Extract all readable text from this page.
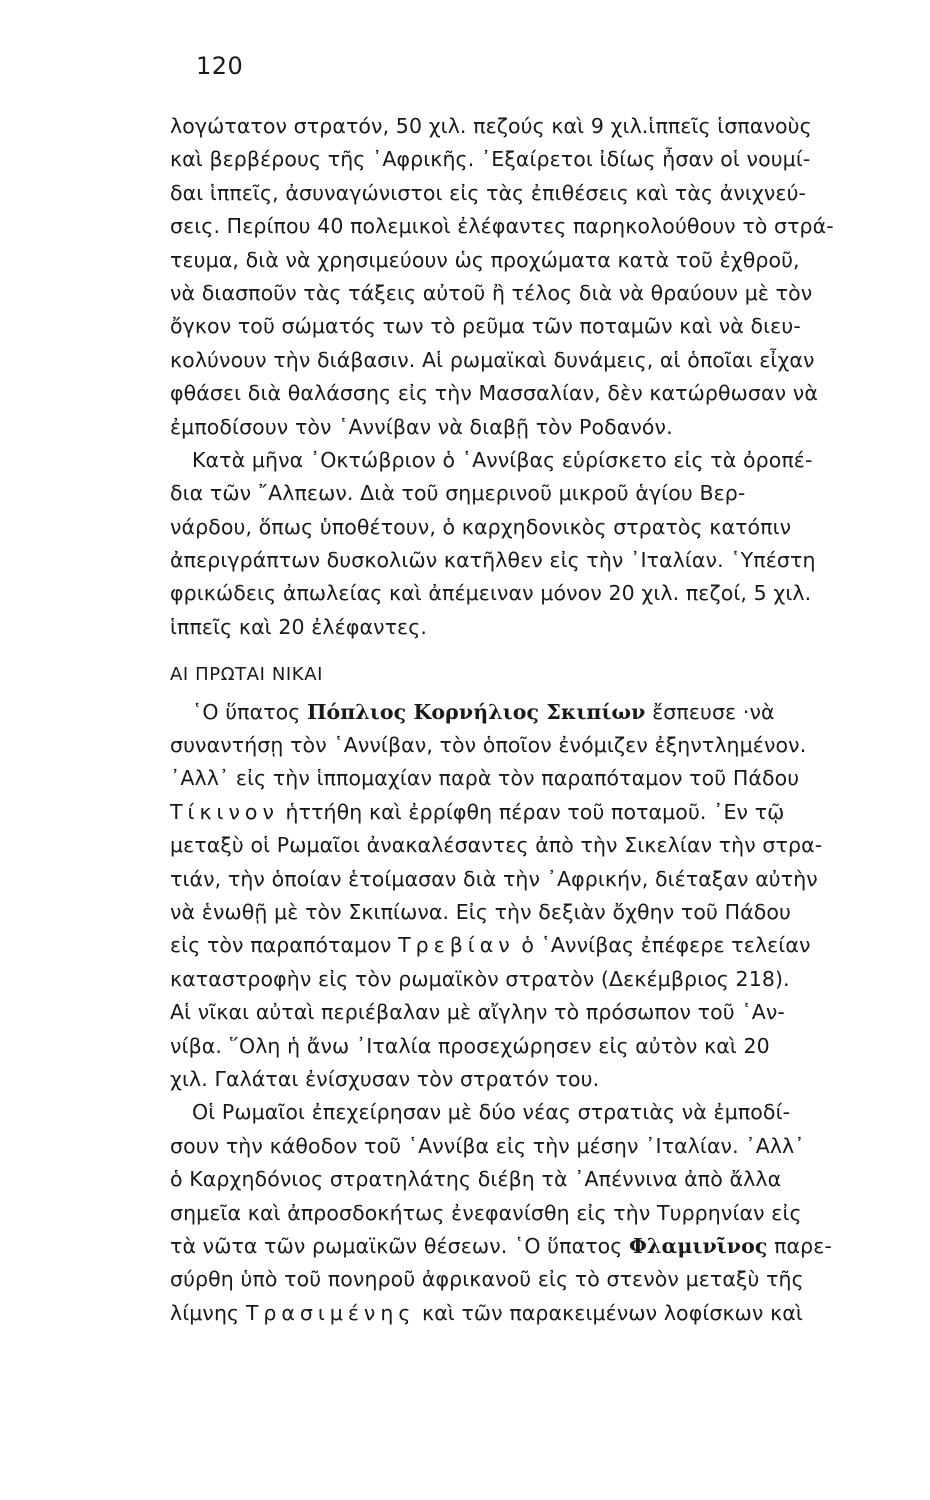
120
λογώτατον στρατόν, 50 χιλ. πεζούς καὶ 9 χιλ.ἱππεῖς ἱσπανοὺς
καὶ βερβέρους τῆς ᾿Αφρικῆς. ᾿Εξαίρετοι ἰδίως ἦσαν οἱ νουμί-
δαι ἱππεῖς, ἀσυναγώνιστοι εἰς τὰς ἐπιθέσεις καὶ τὰς ἀνιχνεύ-
σεις. Περίπου 40 πολεμικοὶ ἐλέφαντες παρηκολούθουν τὸ στρά-
τευμα, διὰ νὰ χρησιμεύουν ὡς προχώματα κατὰ τοῦ ἐχθροῦ,
νὰ διασποῦν τὰς τάξεις αὐτοῦ ἢ τέλος διὰ νὰ θραύουν μὲ τὸν
ὄγκον τοῦ σώματός των τὸ ρεῦμα τῶν ποταμῶν καὶ νὰ διευ-
κολύνουν τὴν διάβασιν. Αἱ ρωμαϊκαὶ δυνάμεις, αἱ ὁποῖαι εἶχαν
φθάσει διὰ θαλάσσης εἰς τὴν Μασσαλίαν, δὲν κατώρθωσαν νὰ
ἐμποδίσουν τὸν ῾Αννίβαν νὰ διαβῇ τὸν Ροδανόν.
Κατὰ μῆνα ᾿Οκτώβριον ὁ ῾Αννίβας εὑρίσκετο εἰς τὰ ὀροπέ-
δια τῶν ῎Αλπεων. Διὰ τοῦ σημερινοῦ μικροῦ ἁγίου Βερ-
νάρδου, ὅπως ὑποθέτουν, ὁ καρχηδονικὸς στρατὸς κατόπιν
ἀπεριγράπτων δυσκολιῶν κατῆλθεν εἰς τὴν ᾿Ιταλίαν. ῾Υπέστη
φρικώδεις ἀπωλείας καὶ ἀπέμειναν μόνον 20 χιλ. πεζοί, 5 χιλ.
ἱππεῖς καὶ 20 ἐλέφαντες.
ΑΙ ΠΡΩΤΑΙ ΝΙΚΑΙ
῾Ο ὕπατος Πόπλιος Κορνήλιος Σκιπίων ἔσπευσε ·νὰ
συναντήσῃ τὸν ῾Αννίβαν, τὸν ὁποῖον ἐνόμιζεν ἐξηντλημένον.
᾿Αλλ᾿ εἰς τὴν ἱππομαχίαν παρὰ τὸν παραπόταμον τοῦ Πάδου
Τίκινον ἡττήθη καὶ ἐρρίφθη πέραν τοῦ ποταμοῦ. ᾿Εν τῷ
μεταξὺ οἱ Ρωμαῖοι ἀνακαλέσαντες ἀπὸ τὴν Σικελίαν τὴν στρα-
τιάν, τὴν ὁποίαν ἑτοίμασαν διὰ τὴν ᾿Αφρικήν, διέταξαν αὐτὴν
νὰ ἑνωθῇ μὲ τὸν Σκιπίωνα. Εἰς τὴν δεξιὰν ὄχθην τοῦ Πάδου
εἰς τὸν παραπόταμον Τρεβίαν ὁ ῾Αννίβας ἐπέφερε τελείαν
καταστροφὴν εἰς τὸν ρωμαϊκὸν στρατὸν (Δεκέμβριος 218).
Αἱ νῖκαι αὐταὶ περιέβαλαν μὲ αἴγλην τὸ πρόσωπον τοῦ ῾Αν-
νίβα. ῞Ολη ἡ ἄνω ᾿Ιταλία προσεχώρησεν εἰς αὐτὸν καὶ 20
χιλ. Γαλάται ἐνίσχυσαν τὸν στρατόν του.
Οἱ Ρωμαῖοι ἐπεχείρησαν μὲ δύο νέας στρατιὰς νὰ ἐμποδί-
σουν τὴν κάθοδον τοῦ ῾Αννίβα εἰς τὴν μέσην ᾿Ιταλίαν. ᾿Αλλ᾿
ὁ Καρχηδόνιος στρατηλάτης διέβη τὰ ᾿Απέννινα ἀπὸ ἄλλα
σημεῖα καὶ ἀπροσδοκήτως ἐνεφανίσθη εἰς τὴν Τυρρηνίαν εἰς
τὰ νῶτα τῶν ρωμαϊκῶν θέσεων. ῾Ο ὕπατος Φλαμινῖνος παρε-
σύρθη ὑπὸ τοῦ πονηροῦ ἀφρικανοῦ εἰς τὸ στενὸν μεταξὺ τῆς
λίμνης Τρασιμένης καὶ τῶν παρακειμένων λοφίσκων καὶ
